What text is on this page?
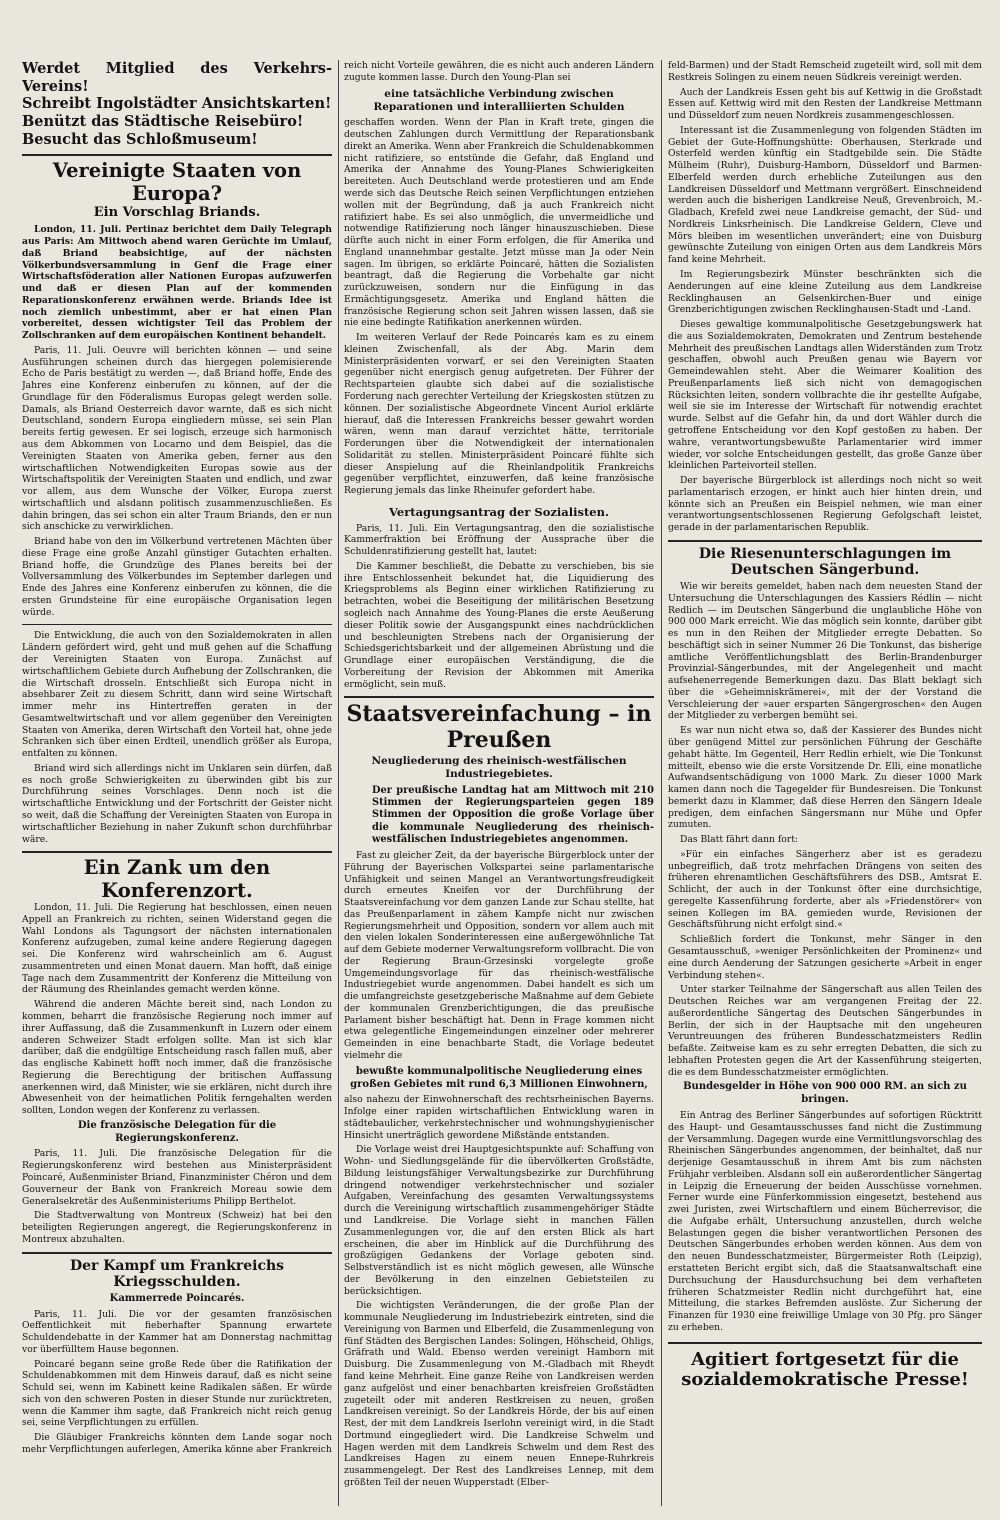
Werdet Mitglied des Verkehrs-Vereins!
Schreibt Ingolstädter Ansichtskarten!
Benützt das Städtische Reisebüro!
Besucht das Schloßmuseum!
Vereinigte Staaten von Europa?
Ein Vorschlag Briands.

London, 11. Juli. Pertinaz berichtet dem Daily Telegraph aus Paris: Am Mittwoch abend waren Gerüchte im Umlauf, daß Briand beabsichtige, auf der nächsten Völkerbundsversammlung in Genf die Frage einer Wirtschaftsföderation aller Nationen Europas aufzuwerfen und daß er diesen Plan auf der kommenden Reparationskonferenz erwähnen werde. Briands Idee ist noch ziemlich unbestimmt, aber er hat einen Plan vorbereitet, dessen wichtigster Teil das Problem der Zollschranken auf dem europäischen Kontinent behandelt.

Paris, 11. Juli. Oeuvre will berichten können — und seine Ausführungen scheinen durch das hiergegen polemisierende Echo de Paris bestätigt zu werden —, daß Briand hoffe, Ende des Jahres eine Konferenz einberufen zu können, auf der die Grundlage für den Föderalismus Europas gelegt werden solle. Damals, als Briand Oesterreich davor warnte, daß es sich nicht Deutschland, sondern Europa eingliedern müsse, sei sein Plan bereits fertig gewesen. Er sei logisch, erzeuge sich harmonisch aus dem Abkommen von Locarno und dem Beispiel, das die Vereinigten Staaten von Amerika geben, ferner aus den wirtschaftlichen Notwendigkeiten Europas sowie aus der Wirtschaftspolitik der Vereinigten Staaten und endlich, und zwar vor allem, aus dem Wunsche der Völker, Europa zuerst wirtschaftlich und alsdann politisch zusammenzuschließen. Es dahin bringen, das sei schon ein alter Traum Briands, den er nun sich anschicke zu verwirklichen.

Briand habe von den im Völkerbund vertretenen Mächten über diese Frage eine große Anzahl günstiger Gutachten erhalten. Briand hoffe, die Grundzüge des Planes bereits bei der Vollversammlung des Völkerbundes im September darlegen und Ende des Jahres eine Konferenz einberufen zu können, die die ersten Grundsteine für eine europäische Organisation legen würde.

Die Entwicklung, die auch von den Sozialdemokraten in allen Ländern gefördert wird, geht und muß gehen auf die Schaffung der Vereinigten Staaten von Europa. Zunächst auf wirtschaftlichem Gebiete durch Aufhebung der Zollschranken, die die Wirtschaft drosseln. Entschließt sich Europa nicht in absehbarer Zeit zu diesem Schritt, dann wird seine Wirtschaft immer mehr ins Hintertreffen geraten in der Gesamtweltwirtschaft und vor allem gegenüber den Vereinigten Staaten von Amerika, deren Wirtschaft den Vorteil hat, ohne jede Schranken sich über einen Erdteil, unendlich größer als Europa, entfalten zu können.

Briand wird sich allerdings nicht im Unklaren sein dürfen, daß es noch große Schwierigkeiten zu überwinden gibt bis zur Durchführung seines Vorschlages. Denn noch ist die wirtschaftliche Entwicklung und der Fortschritt der Geister nicht so weit, daß die Schaffung der Vereinigten Staaten von Europa in wirtschaftlicher Beziehung in naher Zukunft schon durchführbar wäre.

Ein Zank um den Konferenzort.

London, 11. Juli. Die Regierung hat beschlossen, einen neuen Appell an Frankreich zu richten, seinen Widerstand gegen die Wahl Londons als Tagungsort der nächsten internationalen Konferenz aufzugeben, zumal keine andere Regierung dagegen sei. Die Konferenz wird wahrscheinlich am 6. August zusammentreten und einen Monat dauern. Man hofft, daß einige Tage nach dem Zusammentritt der Konferenz die Mitteilung von der Räumung des Rheinlandes gemacht werden könne.

Während die anderen Mächte bereit sind, nach London zu kommen, beharrt die französische Regierung noch immer auf ihrer Auffassung, daß die Zusammenkunft in Luzern oder einem anderen Schweizer Stadt erfolgen sollte. Man ist sich klar darüber, daß die endgültige Entscheidung rasch fallen muß, aber das englische Kabinett hofft noch immer, daß die französische Regierung die Berechtigung der britischen Auffassung anerkennen wird, daß Minister, wie sie erklären, nicht durch ihre Abwesenheit von der heimatlichen Politik ferngehalten werden sollten, London wegen der Konferenz zu verlassen.

Die französische Delegation für die Regierungskonferenz.

Paris, 11. Juli. Die französische Delegation für die Regierungskonferenz wird bestehen aus Ministerpräsident Poincaré, Außenminister Briand, Finanzminister Chéron und dem Gouverneur der Bank von Frankreich Moreau sowie dem Generalsekretär des Außenministeriums Philipp Berthelot.

Die Stadtverwaltung von Montreux (Schweiz) hat bei den beteiligten Regierungen angeregt, die Regierungskonferenz in Montreux abzuhalten.

Der Kampf um Frankreichs Kriegsschulden.
Kammerrede Poincarés.

Paris, 11. Juli. Die vor der gesamten französischen Oeffentlichkeit mit fieberhafter Spannung erwartete Schuldendebatte in der Kammer hat am Donnerstag nachmittag vor überfülltem Hause begonnen.

Poincaré begann seine große Rede über die Ratifikation der Schuldenabkommen mit dem Hinweis darauf, daß es nicht seine Schuld sei, wenn im Kabinett keine Radikalen säßen. Er würde sich von den schweren Posten in dieser Stunde nur zurücktreten, wenn die Kammer ihm sagte, daß Frankreich nicht reich genug sei, seine Verpflichtungen zu erfüllen.

Die Gläubiger Frankreichs könnten dem Lande sogar noch mehr Verpflichtungen auferlegen, Amerika könne aber Frankreich

reich nicht Vorteile gewähren, die es nicht auch anderen Ländern zugute kommen lasse. Durch den Young-Plan sei

eine tatsächliche Verbindung zwischen Reparationen und interalliierten Schulden

geschaffen worden. Wenn der Plan in Kraft trete, gingen die deutschen Zahlungen durch Vermittlung der Reparationsbank direkt an Amerika. Wenn aber Frankreich die Schuldenabkommen nicht ratifiziere, so entstünde die Gefahr, daß England und Amerika der Annahme des Young-Planes Schwierigkeiten bereiteten. Auch Deutschland werde protestieren und am Ende werde sich das Deutsche Reich seinen Verpflichtungen entziehen wollen mit der Begründung, daß ja auch Frankreich nicht ratifiziert habe. Es sei also unmöglich, die unvermeidliche und notwendige Ratifizierung noch länger hinauszuschieben. Diese dürfte auch nicht in einer Form erfolgen, die für Amerika und England unannehmbar gestalte. Jetzt müsse man Ja oder Nein sagen. Im übrigen, so erklärte Poincaré, hätten die Sozialisten beantragt, daß die Regierung die Vorbehalte gar nicht zurückzuweisen, sondern nur die Einfügung in das Ermächtigungsgesetz. Amerika und England hätten die französische Regierung schon seit Jahren wissen lassen, daß sie nie eine bedingte Ratifikation anerkennen würden.

Im weiteren Verlauf der Rede Poincarés kam es zu einem kleinen Zwischenfall, als der Abg. Marin dem Ministerpräsidenten vorwarf, er sei den Vereinigten Staaten gegenüber nicht energisch genug aufgetreten. Der Führer der Rechtsparteien glaubte sich dabei auf die sozialistische Forderung nach gerechter Verteilung der Kriegskosten stützen zu können. Der sozialistische Abgeordnete Vincent Auriol erklärte hierauf, daß die Interessen Frankreichs besser gewahrt worden wären, wenn man darauf verzichtet hätte, territoriale Forderungen über die Notwendigkeit der internationalen Solidarität zu stellen. Ministerpräsident Poincaré fühlte sich dieser Anspielung auf die Rheinlandpolitik Frankreichs gegenüber verpflichtet, einzuwerfen, daß keine französische Regierung jemals das linke Rheinufer gefordert habe.

Vertagungsantrag der Sozialisten.

Paris, 11. Juli. Ein Vertagungsantrag, den die sozialistische Kammerfraktion bei Eröffnung der Aussprache über die Schuldenratifizierung gestellt hat, lautet:

Die Kammer beschließt, die Debatte zu verschieben, bis sie ihre Entschlossenheit bekundet hat, die Liquidierung des Kriegsproblems als Beginn einer wirklichen Ratifizierung zu betrachten, wobei die Beseitigung der militärischen Besetzung sogleich nach Annahme des Young-Planes die erste Aeußerung dieser Politik sowie der Ausgangspunkt eines nachdrücklichen und beschleunigten Strebens nach der Organisierung der Schiedsgerichtsbarkeit und der allgemeinen Abrüstung und die Grundlage einer europäischen Verständigung, die die Vorbereitung der Revision der Abkommen mit Amerika ermöglicht, sein muß.

Staatsvereinfachung – in Preußen
Neugliederung des rheinisch-westfälischen Industriegebietes.
Der preußische Landtag hat am Mittwoch mit 210 Stimmen der Regierungsparteien gegen 189 Stimmen der Opposition die große Vorlage über die kommunale Neugliederung des rheinisch-westfälischen Industriegebietes angenommen.

Fast zu gleicher Zeit, da der bayerische Bürgerblock unter der Führung der Bayerischen Volkspartei seine parlamentarische Unfähigkeit und seinen Mangel an Verantwortungsfreudigkeit durch erneutes Kneifen vor der Durchführung der Staatsvereinfachung vor dem ganzen Lande zur Schau stellte, hat das Preußenparlament in zähem Kampfe nicht nur zwischen Regierungsmehrheit und Opposition, sondern vor allem auch mit den vielen lokalen Sonderinteressen eine außergewöhnliche Tat auf dem Gebiete moderner Verwaltungsreform vollbracht. Die von der Regierung Braun-Grzesinski vorgelegte große Umgemeindungsvorlage für das rheinisch-westfälische Industriegebiet wurde angenommen. Dabei handelt es sich um die umfangreichste gesetzgeberische Maßnahme auf dem Gebiete der kommunalen Grenzberichtigungen, die das preußische Parlament bisher beschäftigt hat. Denn in Frage kommen nicht etwa gelegentliche Eingemeindungen einzelner oder mehrerer Gemeinden in eine benachbarte Stadt, die Vorlage bedeutet vielmehr die

bewußte kommunalpolitische Neugliederung eines großen Gebietes mit rund 6,3 Millionen Einwohnern,

also nahezu der Einwohnerschaft des rechtsrheinischen Bayerns. Infolge einer rapiden wirtschaftlichen Entwicklung waren in städtebaulicher, verkehrstechnischer und wohnungshygienischer Hinsicht unerträglich gewordene Mißstände entstanden.

Die Vorlage weist drei Hauptgesichtspunkte auf: Schaffung von Wohn- und Siedlungsgelände für die übervölkerten Großstädte, Bildung leistungsfähiger Verwaltungsbezirke zur Durchführung dringend notwendiger verkehrstechnischer und sozialer Aufgaben, Vereinfachung des gesamten Verwaltungssystems durch die Vereinigung wirtschaftlich zusammengehöriger Städte und Landkreise. Die Vorlage sieht in manchen Fällen Zusammenlegungen vor, die auf den ersten Blick als hart erscheinen, die aber im Hinblick auf die Durchführung des großzügigen Gedankens der Vorlage geboten sind. Selbstverständlich ist es nicht möglich gewesen, alle Wünsche der Bevölkerung in den einzelnen Gebietsteilen zu berücksichtigen.

Die wichtigsten Veränderungen, die der große Plan der kommunale Neugliederung im Industriebezirk eintreten, sind die Vereinigung von Barmen und Elberfeld, die Zusammenlegung von fünf Städten des Bergischen Landes: Solingen, Höhscheid, Ohligs, Gräfrath und Wald. Ebenso werden vereinigt Hamborn mit Duisburg. Die Zusammenlegung von M.-Gladbach mit Rheydt fand keine Mehrheit. Eine ganze Reihe von Landkreisen werden ganz aufgelöst und einer benachbarten kreisfreien Großstädten zugeteilt oder mit anderen Restkreisen zu neuen, großen Landkreisen vereinigt. So der Landkreis Hörde, der bis auf einen Rest, der mit dem Landkreis Iserlohn vereinigt wird, in die Stadt Dortmund eingegliedert wird. Die Landkreise Schwelm und Hagen werden mit dem Landkreis Schwelm und dem Rest des Landkreises Hagen zu einem neuen Ennepe-Ruhrkreis zusammengelegt. Der Rest des Landkreises Lennep, mit dem größten Teil der neuen Wupperstadt (Elber-

feld-Barmen) und der Stadt Remscheid zugeteilt wird, soll mit dem Restkreis Solingen zu einem neuen Südkreis vereinigt werden.

Auch der Landkreis Essen geht bis auf Kettwig in die Großstadt Essen auf. Kettwig wird mit den Resten der Landkreise Mettmann und Düsseldorf zum neuen Nordkreis zusammengeschlossen.

Interessant ist die Zusammenlegung von folgenden Städten im Gebiet der Gute-Hoffnungshütte: Oberhausen, Sterkrade und Osterfeld werden künftig ein Stadtgebilde sein. Die Städte Mülheim (Ruhr), Duisburg-Hamborn, Düsseldorf und Barmen-Elberfeld werden durch erhebliche Zuteilungen aus den Landkreisen Düsseldorf und Mettmann vergrößert. Einschneidend werden auch die bisherigen Landkreise Neuß, Grevenbroich, M.-Gladbach, Krefeld zwei neue Landkreise gemacht, der Süd- und Nordkreis Linksrheinisch. Die Landkreise Geldern, Cleve und Mörs bleiben im wesentlichen unverändert; eine von Duisburg gewünschte Zuteilung von einigen Orten aus dem Landkreis Mörs fand keine Mehrheit.

Im Regierungsbezirk Münster beschränkten sich die Aenderungen auf eine kleine Zuteilung aus dem Landkreise Recklinghausen an Gelsenkirchen-Buer und einige Grenzberichtigungen zwischen Recklinghausen-Stadt und -Land.

Dieses gewaltige kommunalpolitische Gesetzgebungswerk hat die aus Sozialdemokraten, Demokraten und Zentrum bestehende Mehrheit des preußischen Landtags allen Widerständen zum Trotz geschaffen, obwohl auch Preußen genau wie Bayern vor Gemeindewahlen steht. Aber die Weimarer Koalition des Preußenparlaments ließ sich nicht von demagogischen Rücksichten leiten, sondern vollbrachte die ihr gestellte Aufgabe, weil sie sie im Interesse der Wirtschaft für notwendig erachtet wurde. Selbst auf die Gefahr hin, da und dort Wähler durch die getroffene Entscheidung vor den Kopf gestoßen zu haben. Der wahre, verantwortungsbewußte Parlamentarier wird immer wieder, vor solche Entscheidungen gestellt, das große Ganze über kleinlichen Parteivorteil stellen.

Der bayerische Bürgerblock ist allerdings noch nicht so weit parlamentarisch erzogen, er hinkt auch hier hinten drein, und könnte sich an Preußen ein Beispiel nehmen, wie man einer verantwortungsentschlossenen Regierung Gefolgschaft leistet, gerade in der parlamentarischen Republik.

Die Riesenunterschlagungen im Deutschen Sängerbund.

Wie wir bereits gemeldet, haben nach dem neuesten Stand der Untersuchung die Unterschlagungen des Kassiers Rédlin — nicht Redlich — im Deutschen Sängerbund die unglaubliche Höhe von 900 000 Mark erreicht. Wie das möglich sein konnte, darüber gibt es nun in den Reihen der Mitglieder erregte Debatten. So beschäftigt sich in seiner Nummer 26 Die Tonkunst, das bisherige amtliche Veröffentlichungsblatt des Berlin-Brandenburger Provinzial-Sängerbundes, mit der Angelegenheit und macht aufsehenerregende Bemerkungen dazu. Das Blatt beklagt sich über die »Geheimniskrämerei«, mit der der Vorstand die Verschleierung der »auer ersparten Sängergroschen« den Augen der Mitglieder zu verbergen bemüht sei.

Es war nun nicht etwa so, daß der Kassierer des Bundes nicht über genügend Mittel zur persönlichen Führung der Geschäfte gehabt hätte. Im Gegenteil, Herr Redlin erhielt, wie Die Tonkunst mitteilt, ebenso wie die erste Vorsitzende Dr. Elli, eine monatliche Aufwandsentschädigung von 1000 Mark. Zu dieser 1000 Mark kamen dann noch die Tagegelder für Bundesreisen. Die Tonkunst bemerkt dazu in Klammer, daß diese Herren den Sängern Ideale predigen, dem einfachen Sängersmann nur Mühe und Opfer zumuten.

Das Blatt fährt dann fort:

»Für ein einfaches Sängerherz aber ist es geradezu unbegreiflich, daß trotz mehrfachen Drängens von seiten des früheren ehrenamtlichen Geschäftsführers des DSB., Amtsrat E. Schlicht, der auch in der Tonkunst öfter eine durchsichtige, geregelte Kassenführung forderte, aber als »Friedenstörer« von seinen Kollegen im BA. gemieden wurde, Revisionen der Geschäftsführung nicht erfolgt sind.«

Schließlich fordert die Tonkunst, mehr Sänger in den Gesamtausschuß, »weniger Persönlichkeiten der Prominenz« und eine durch Aenderung der Satzungen gesicherte »Arbeit in enger Verbindung stehen«.

Unter starker Teilnahme der Sängerschaft aus allen Teilen des Deutschen Reiches war am vergangenen Freitag der 22. außerordentliche Sängertag des Deutschen Sängerbundes in Berlin, der sich in der Hauptsache mit den ungeheuren Veruntreuungen des früheren Bundesschatzmeisters Redlin befaßte. Zeitweise kam es zu sehr erregten Debatten, die sich zu lebhaften Protesten gegen die Art der Kassenführung steigerten, die es dem Bundesschatzmeister ermöglichten.

Bundesgelder in Höhe von 900 000 RM. an sich zu bringen.

Ein Antrag des Berliner Sängerbundes auf sofortigen Rücktritt des Haupt- und Gesamtausschusses fand nicht die Zustimmung der Versammlung. Dagegen wurde eine Vermittlungsvorschlag des Rheinischen Sängerbundes angenommen, der beinhaltet, daß nur derjenige Gesamtausschuß in ihrem Amt bis zum nächsten Frühjahr verbleiben. Alsdann soll ein außerordentlicher Sängertag in Leipzig die Erneuerung der beiden Ausschüsse vornehmen. Ferner wurde eine Fünferkommission eingesetzt, bestehend aus zwei Juristen, zwei Wirtschaftlern und einem Bücherrevisor, die die Aufgabe erhält, Untersuchung anzustellen, durch welche Belastungen gegen die bisher verantwortlichen Personen des Deutschen Sängerbundes erhoben werden können. Aus dem von den neuen Bundesschatzmeister, Bürgermeister Roth (Leipzig), erstatteten Bericht ergibt sich, daß die Staatsanwaltschaft eine Durchsuchung der Hausdurchsuchung bei dem verhafteten früheren Schatzmeister Redlin nicht durchgeführt hat, eine Mitteilung, die starkes Befremden auslöste. Zur Sicherung der Finanzen für 1930 eine freiwillige Umlage von 30 Pfg. pro Sänger zu erheben.

Agitiert fortgesetzt für die sozialdemokratische Presse!
